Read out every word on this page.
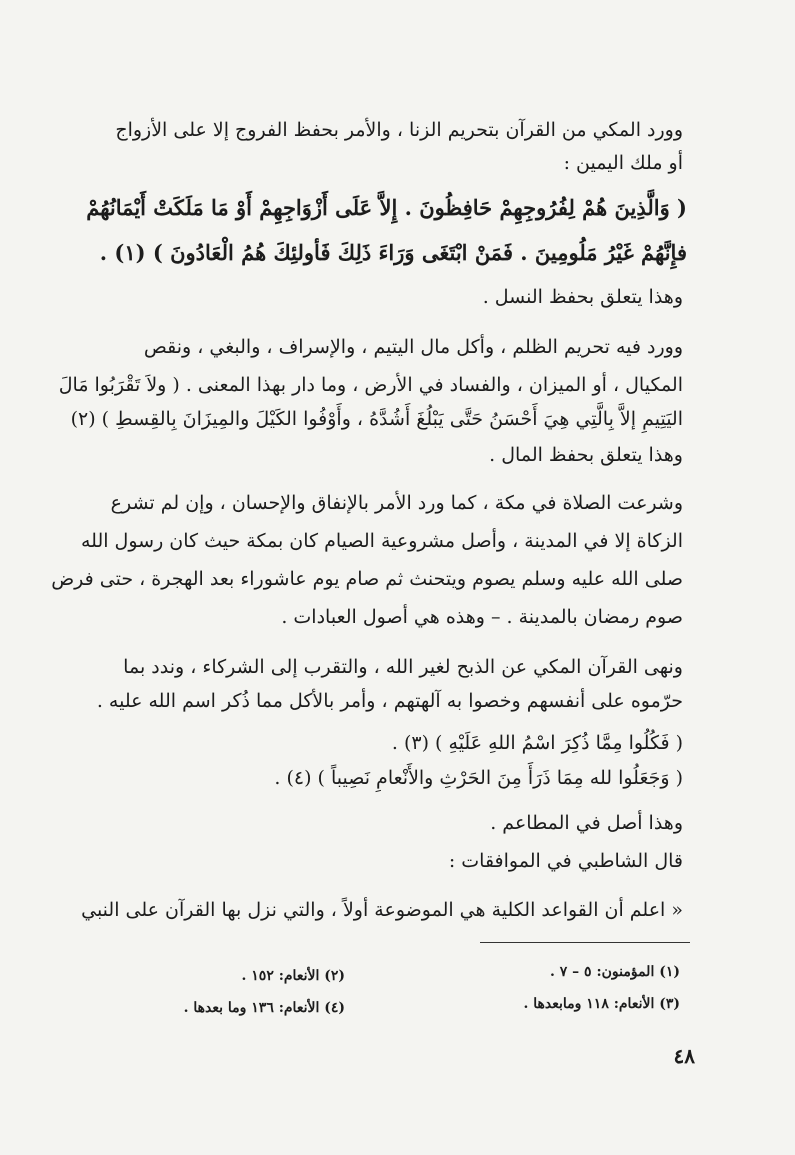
وورد المكي من القرآن بتحريم الزنا ، والأمر بحفظ الفروج إلا على الأزواج
أو ملك اليمين :
( وَالَّذِينَ هُمْ لِفُرُوجِهِمْ حَافِظُونَ . إِلاَّ عَلَى أَزْوَاجِهِمْ أَوْ مَا مَلَكَتْ أَيْمَانُهُمْ
فإِنَّهُمْ غَيْرُ مَلُومِينَ . فَمَنْ ابْتَغَى وَرَاءَ ذَلِكَ فَأولئِكَ هُمُ الْعَادُونَ ) (١) .
وهذا يتعلق بحفظ النسل .
وورد فيه تحريم الظلم ، وأكل مال اليتيم ، والإسراف ، والبغي ، ونقص
المكيال ، أو الميزان ، والفساد في الأرض ، وما دار بهذا المعنى . ( ولاَ تَقْرَبُوا مَالَ
اليَتِيمِ إلاَّ بِالَّتِي هِيَ أَحْسَنُ حَتَّى يَبْلُغَ أَشُدَّهُ ، وأَوْفُوا الكَيْلَ والمِيزَانَ بِالقِسطِ ) (٢)
وهذا يتعلق بحفظ المال .
وشرعت الصلاة في مكة ، كما ورد الأمر بالإنفاق والإحسان ، وإن لم تشرع
الزكاة إلا في المدينة ، وأصل مشروعية الصيام كان بمكة حيث كان رسول الله
صلى الله عليه وسلم يصوم ويتحنث ثم صام يوم عاشوراء بعد الهجرة ، حتى فرض
صوم رمضان بالمدينة . – وهذه هي أصول العبادات .
ونهى القرآن المكي عن الذبح لغير الله ، والتقرب إلى الشركاء ، وندد بما
حرّموه على أنفسهم وخصوا به آلهتهم ، وأمر بالأكل مما ذُكر اسم الله عليه .
( فَكُلُوا مِمَّا ذُكِرَ اسْمُ اللهِ عَلَيْهِ ) (٣) .
( وَجَعَلُوا لله مِمَا ذَرَأَ مِنَ الحَرْثِ والأَنْعامِ نَصِيباً ) (٤) .
وهذا أصل في المطاعم .
قال الشاطبي في الموافقات :
« اعلم أن القواعد الكلية هي الموضوعة أولاً ، والتي نزل بها القرآن على النبي
(١) المؤمنون: ٥ – ٧ .
(٢) الأنعام: ١٥٢ .
(٣) الأنعام: ١١٨ ومابعدها .
(٤) الأنعام: ١٣٦ وما بعدها .
٤٨
